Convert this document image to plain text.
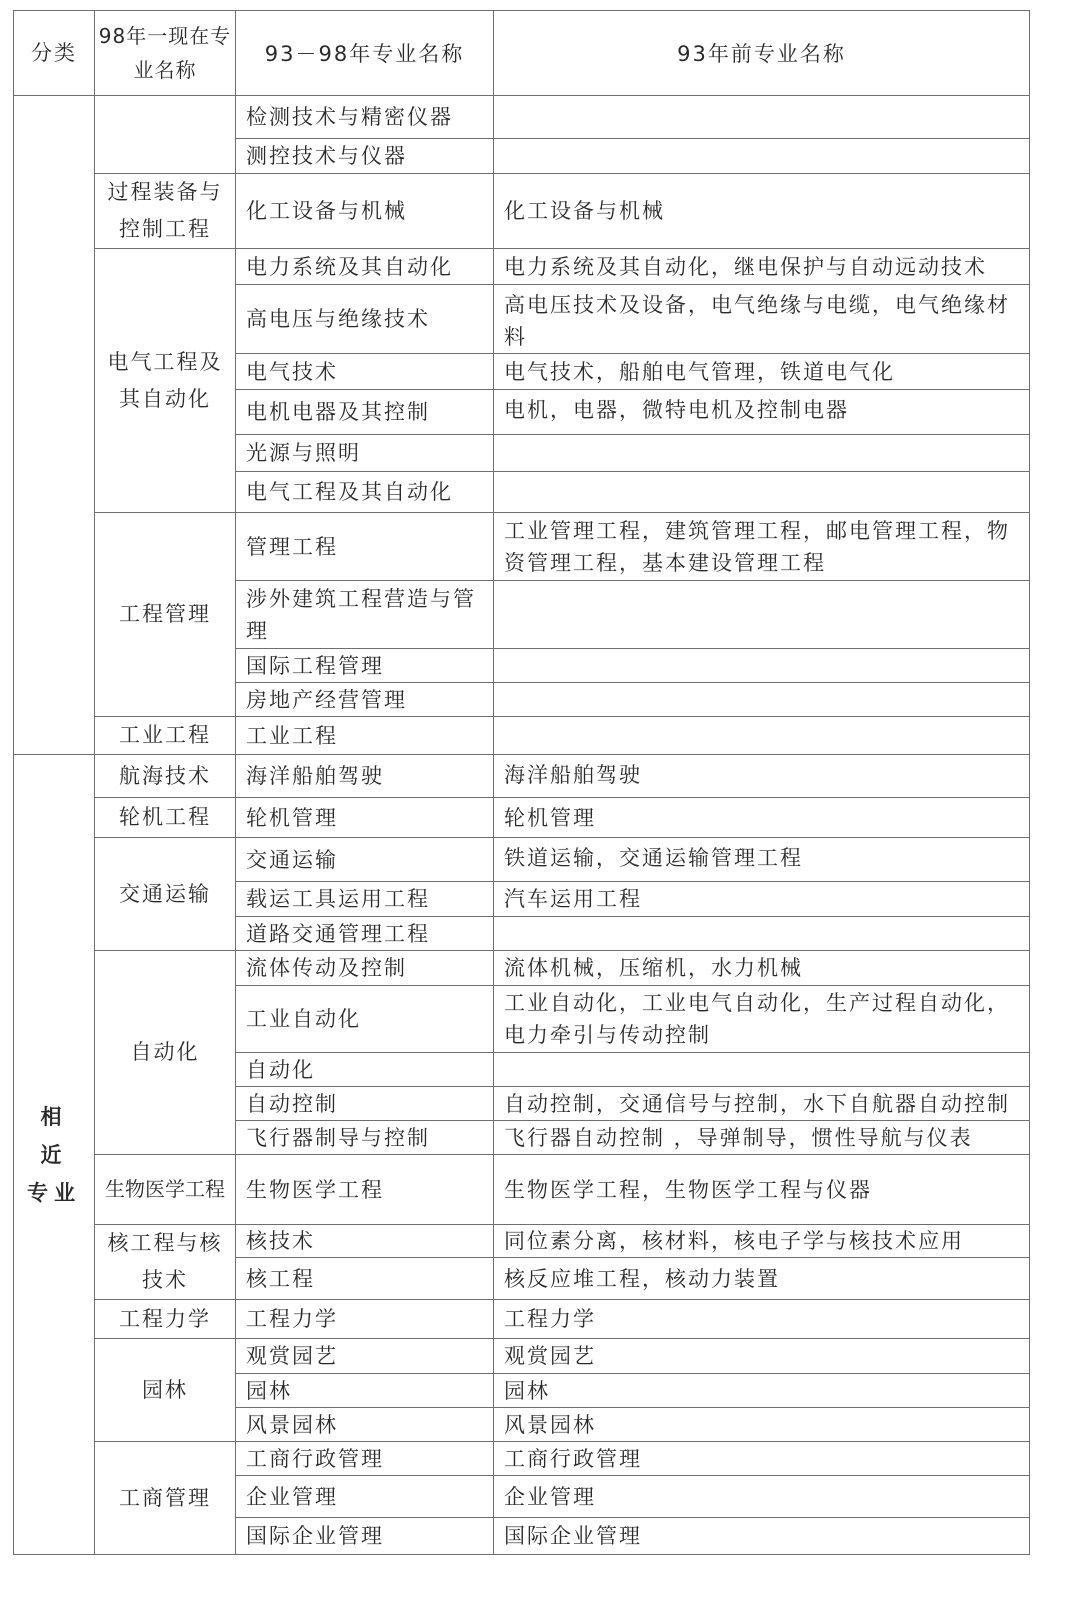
分类	98年一现在专业名称	93－98年专业名称	93年前专业名称
		检测技术与精密仪器	
		测控技术与仪器	
	过程装备与控制工程	化工设备与机械	化工设备与机械
	电气工程及其自动化	电力系统及其自动化	电力系统及其自动化，继电保护与自动远动技术
		高电压与绝缘技术	高电压技术及设备，电气绝缘与电缆，电气绝缘材料
		电气技术	电气技术，船舶电气管理，铁道电气化
		电机电器及其控制	电机，电器，微特电机及控制电器
		光源与照明	
		电气工程及其自动化	
	工程管理	管理工程	工业管理工程，建筑管理工程，邮电管理工程，物资管理工程，基本建设管理工程
		涉外建筑工程营造与管理	
		国际工程管理	
		房地产经营管理	
	工业工程	工业工程	
相 近 专业	航海技术	海洋船舶驾驶	海洋船舶驾驶
	轮机工程	轮机管理	轮机管理
	交通运输	交通运输	铁道运输，交通运输管理工程
		载运工具运用工程	汽车运用工程
		道路交通管理工程	
	自动化	流体传动及控制	流体机械，压缩机，水力机械
		工业自动化	工业自动化，工业电气自动化，生产过程自动化，电力牵引与传动控制
		自动化	
		自动控制	自动控制，交通信号与控制，水下自航器自动控制
		飞行器制导与控制	飞行器自动控制 ，导弹制导，惯性导航与仪表
	生物医学工程	生物医学工程	生物医学工程，生物医学工程与仪器
	核工程与核技术	核技术	同位素分离，核材料，核电子学与核技术应用
		核工程	核反应堆工程，核动力装置
	工程力学	工程力学	工程力学
	园林	观赏园艺	观赏园艺
		园林	园林
		风景园林	风景园林
	工商管理	工商行政管理	工商行政管理
		企业管理	企业管理
		国际企业管理	国际企业管理
